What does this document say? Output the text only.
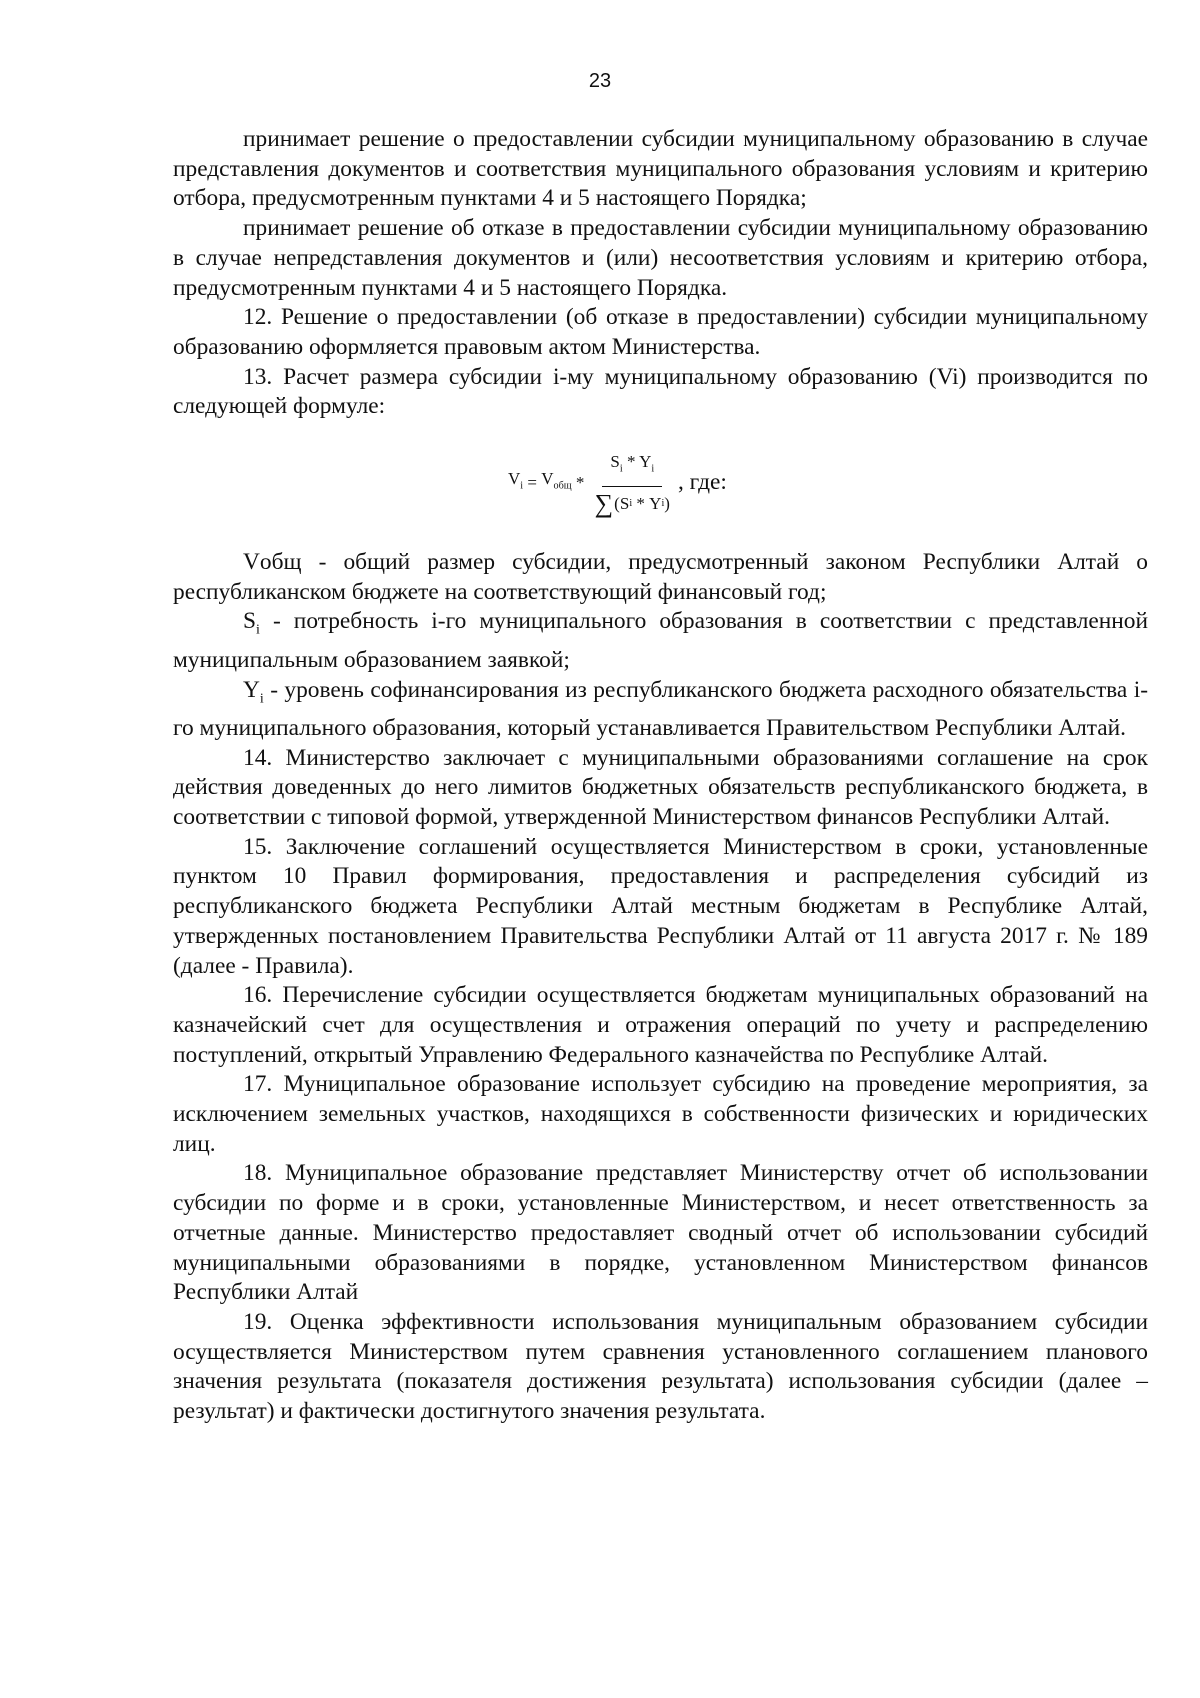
23

принимает решение о предоставлении субсидии муниципальному образованию в случае представления документов и соответствия муниципального образования условиям и критерию отбора, предусмотренным пунктами 4 и 5 настоящего Порядка;

принимает решение об отказе в предоставлении субсидии муниципальному образованию в случае непредставления документов и (или) несоответствия условиям и критерию отбора, предусмотренным пунктами 4 и 5 настоящего Порядка.

12. Решение о предоставлении (об отказе в предоставлении) субсидии муниципальному образованию оформляется правовым актом Министерства.

13. Расчет размера субсидии i-му муниципальному образованию (Vi) производится по следующей формуле:

$V_i = V_{общ} * \frac{S_i * Y_i}{\text{∑ ( S i * Y i )}}$ , где:

Vобщ - общий размер субсидии, предусмотренный законом Республики Алтай о республиканском бюджете на соответствующий финансовый год;

$S_i$ - потребность i-го муниципального образования в соответствии с представленной муниципальным образованием заявкой;

$Y_i$ - уровень софинансирования из республиканского бюджета расходного обязательства i-го муниципального образования, который устанавливается Правительством Республики Алтай.

14. Министерство заключает с муниципальными образованиями соглашение на срок действия доведенных до него лимитов бюджетных обязательств республиканского бюджета, в соответствии с типовой формой, утвержденной Министерством финансов Республики Алтай.

15. Заключение соглашений осуществляется Министерством в сроки, установленные пунктом 10 Правил формирования, предоставления и распределения субсидий из республиканского бюджета Республики Алтай местным бюджетам в Республике Алтай, утвержденных постановлением Правительства Республики Алтай от 11 августа 2017 г. № 189 (далее - Правила).

16. Перечисление субсидии осуществляется бюджетам муниципальных образований на казначейский счет для осуществления и отражения операций по учету и распределению поступлений, открытый Управлению Федерального казначейства по Республике Алтай.

17. Муниципальное образование использует субсидию на проведение мероприятия, за исключением земельных участков, находящихся в собственности физических и юридических лиц.

18. Муниципальное образование представляет Министерству отчет об использовании субсидии по форме и в сроки, установленные Министерством, и несет ответственность за отчетные данные. Министерство предоставляет сводный отчет об использовании субсидий муниципальными образованиями в порядке, установленном Министерством финансов Республики Алтай

19. Оценка эффективности использования муниципальным образованием субсидии осуществляется Министерством путем сравнения установленного соглашением планового значения результата (показателя достижения результата) использования субсидии (далее – результат) и фактически достигнутого значения результата.
